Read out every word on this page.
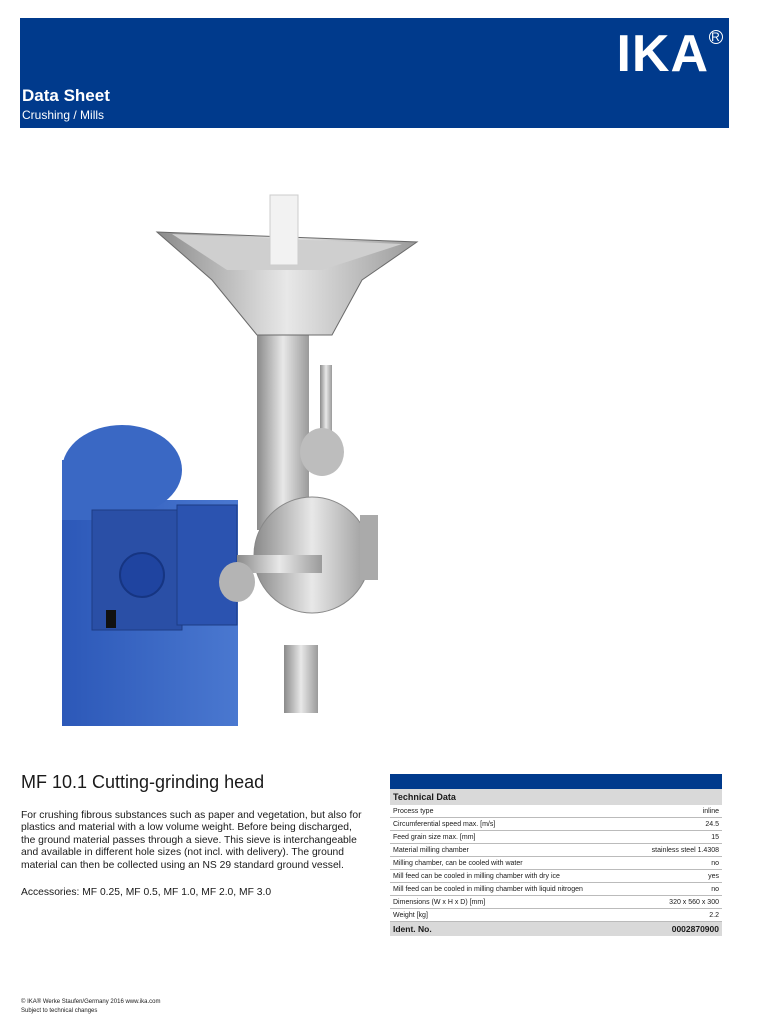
IKA R
Data Sheet
Crushing / Mills
MF 10.1 Cutting-grinding head
For crushing fibrous substances such as paper and vegetation, but also for plastics and material with a low volume weight. Before being discharged, the ground material passes through a sieve. This sieve is interchangeable and available in different hole sizes (not incl. with delivery). The ground material can then be collected using an NS 29 standard ground vessel.
Accessories: MF 0.25, MF 0.5, MF 1.0, MF 2.0, MF 3.0
Technical Data
Process type	inline
Circumferential speed max. [m/s]	24.5
Feed grain size max. [mm]	15
Material milling chamber	stainless steel 1.4308
Milling chamber, can be cooled with water	no
Mill feed can be cooled in milling chamber with dry ice	yes
Mill feed can be cooled in milling chamber with liquid nitrogen	no
Dimensions (W x H x D) [mm]	320 x 560 x 300
Weight [kg]	2.2
Ident. No.	0002870900
© IKA® Werke Staufen/Germany 2016 www.ika.com
Subject to technical changes
